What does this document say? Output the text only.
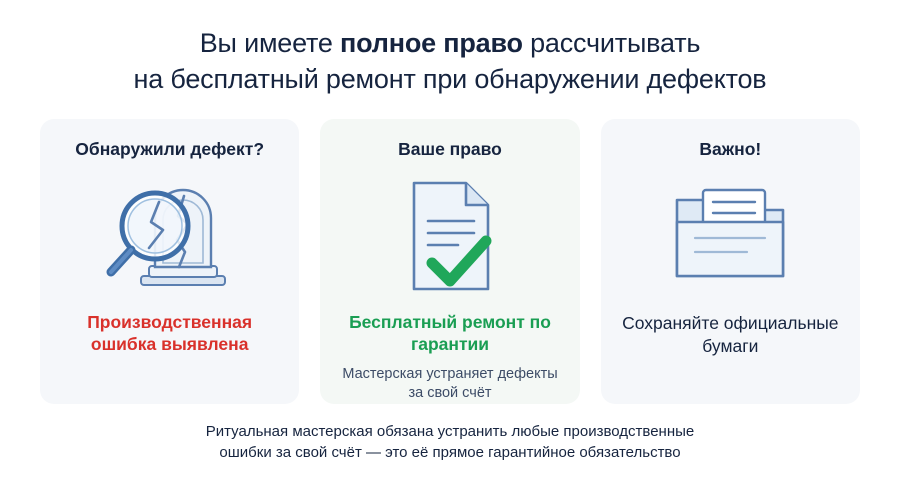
Вы имеете полное право рассчитывать
на бесплатный ремонт при обнаружении дефектов
Обнаружили дефект?
Производственная ошибка выявлена
Ваше право
Бесплатный ремонт по гарантии
Мастерская устраняет дефекты за свой счёт
Важно!
Сохраняйте официальные бумаги
Ритуальная мастерская обязана устранить любые производственные
ошибки за свой счёт — это её прямое гарантийное обязательство
